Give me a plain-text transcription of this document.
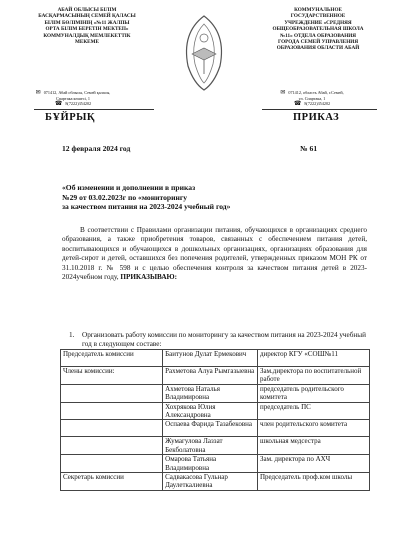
АБАЙ ОБЛЫСЫ БІЛІМ
БАСҚАРМАСЫНЫҢ СЕМЕЙ ҚАЛАСЫ
БІЛІМ БӨЛІМІНІҢ «№11 ЖАЛПЫ
ОРТА БІЛІМ БЕРЕТІН МЕКТЕП»
КОММУНАЛДЫҚ МЕМЛЕКЕТТІК
МЕКЕМЕ
КОММУНАЛЬНОЕ
ГОСУДАРСТВЕННОЕ
УЧРЕЖДЕНИЕ «СРЕДНЯЯ
ОБЩЕОБРАЗОВАТЕЛЬНАЯ ШКОЛА
№11» ОТДЕЛА ОБРАЗОВАНИЯ
ГОРОДА СЕМЕЙ УПРАВЛЕНИЯ
ОБРАЗОВАНИЯ ОБЛАСТИ АБАЙ
✉ 071412, Абай облысы, Семей қаласы,
Спартака көшесі, 1
☎ 8(7222)354202
✉ 071412, область Абай, г.Семей,
ул. Спартака, 1
☎ 8(7222)354202
БҰЙРЫҚ	ПРИКАЗ
12 февраля 2024 год	№ 61
«Об изменении и дополнении в приказ
№29 от 03.02.2023г по «мониторингу
за качеством питания на 2023-2024 учебный год»
В соответствии с Правилами организации питания, обучающихся в организациях среднего образования, а также приобретения товаров, связанных с обеспечением питания детей, воспитывающихся и обучающихся в дошкольных организациях, организациях образования для детей-сирот и детей, оставшихся без попечения родителей, утвержденных приказом МОН РК от 31.10.2018 г. № 598 и с целью обеспечения контроля за качеством питания детей в 2023-2024учебном году, ПРИКАЗЫВАЮ:
1.	Организовать работу комиссии по мониторингу за качеством питания на 2023-2024 учебный год в следующем составе:
Председатель комиссии	Баитунов Дулат Ермекович	директор КГУ «СОШ№11
Члены комиссии:	Рахметова Алуа Рымгазыевна	Зам.директора по воспитательной работе
	Ахметова Наталья Владимировна	председатель родительского комитета
	Хохрякова Юлия Александровна	председатель ПС
	Оспаева Фарида Тазабековна	член родительского комитета
	Жумагулова Лаззат Бекболатовна	школьная медсестра
	Омарова Татьяна Владимировна	Зам. директора по АХЧ
Секретарь комиссии	Садвакасова Гульнар Даулеткалиевна	Председатель проф.ком школы
